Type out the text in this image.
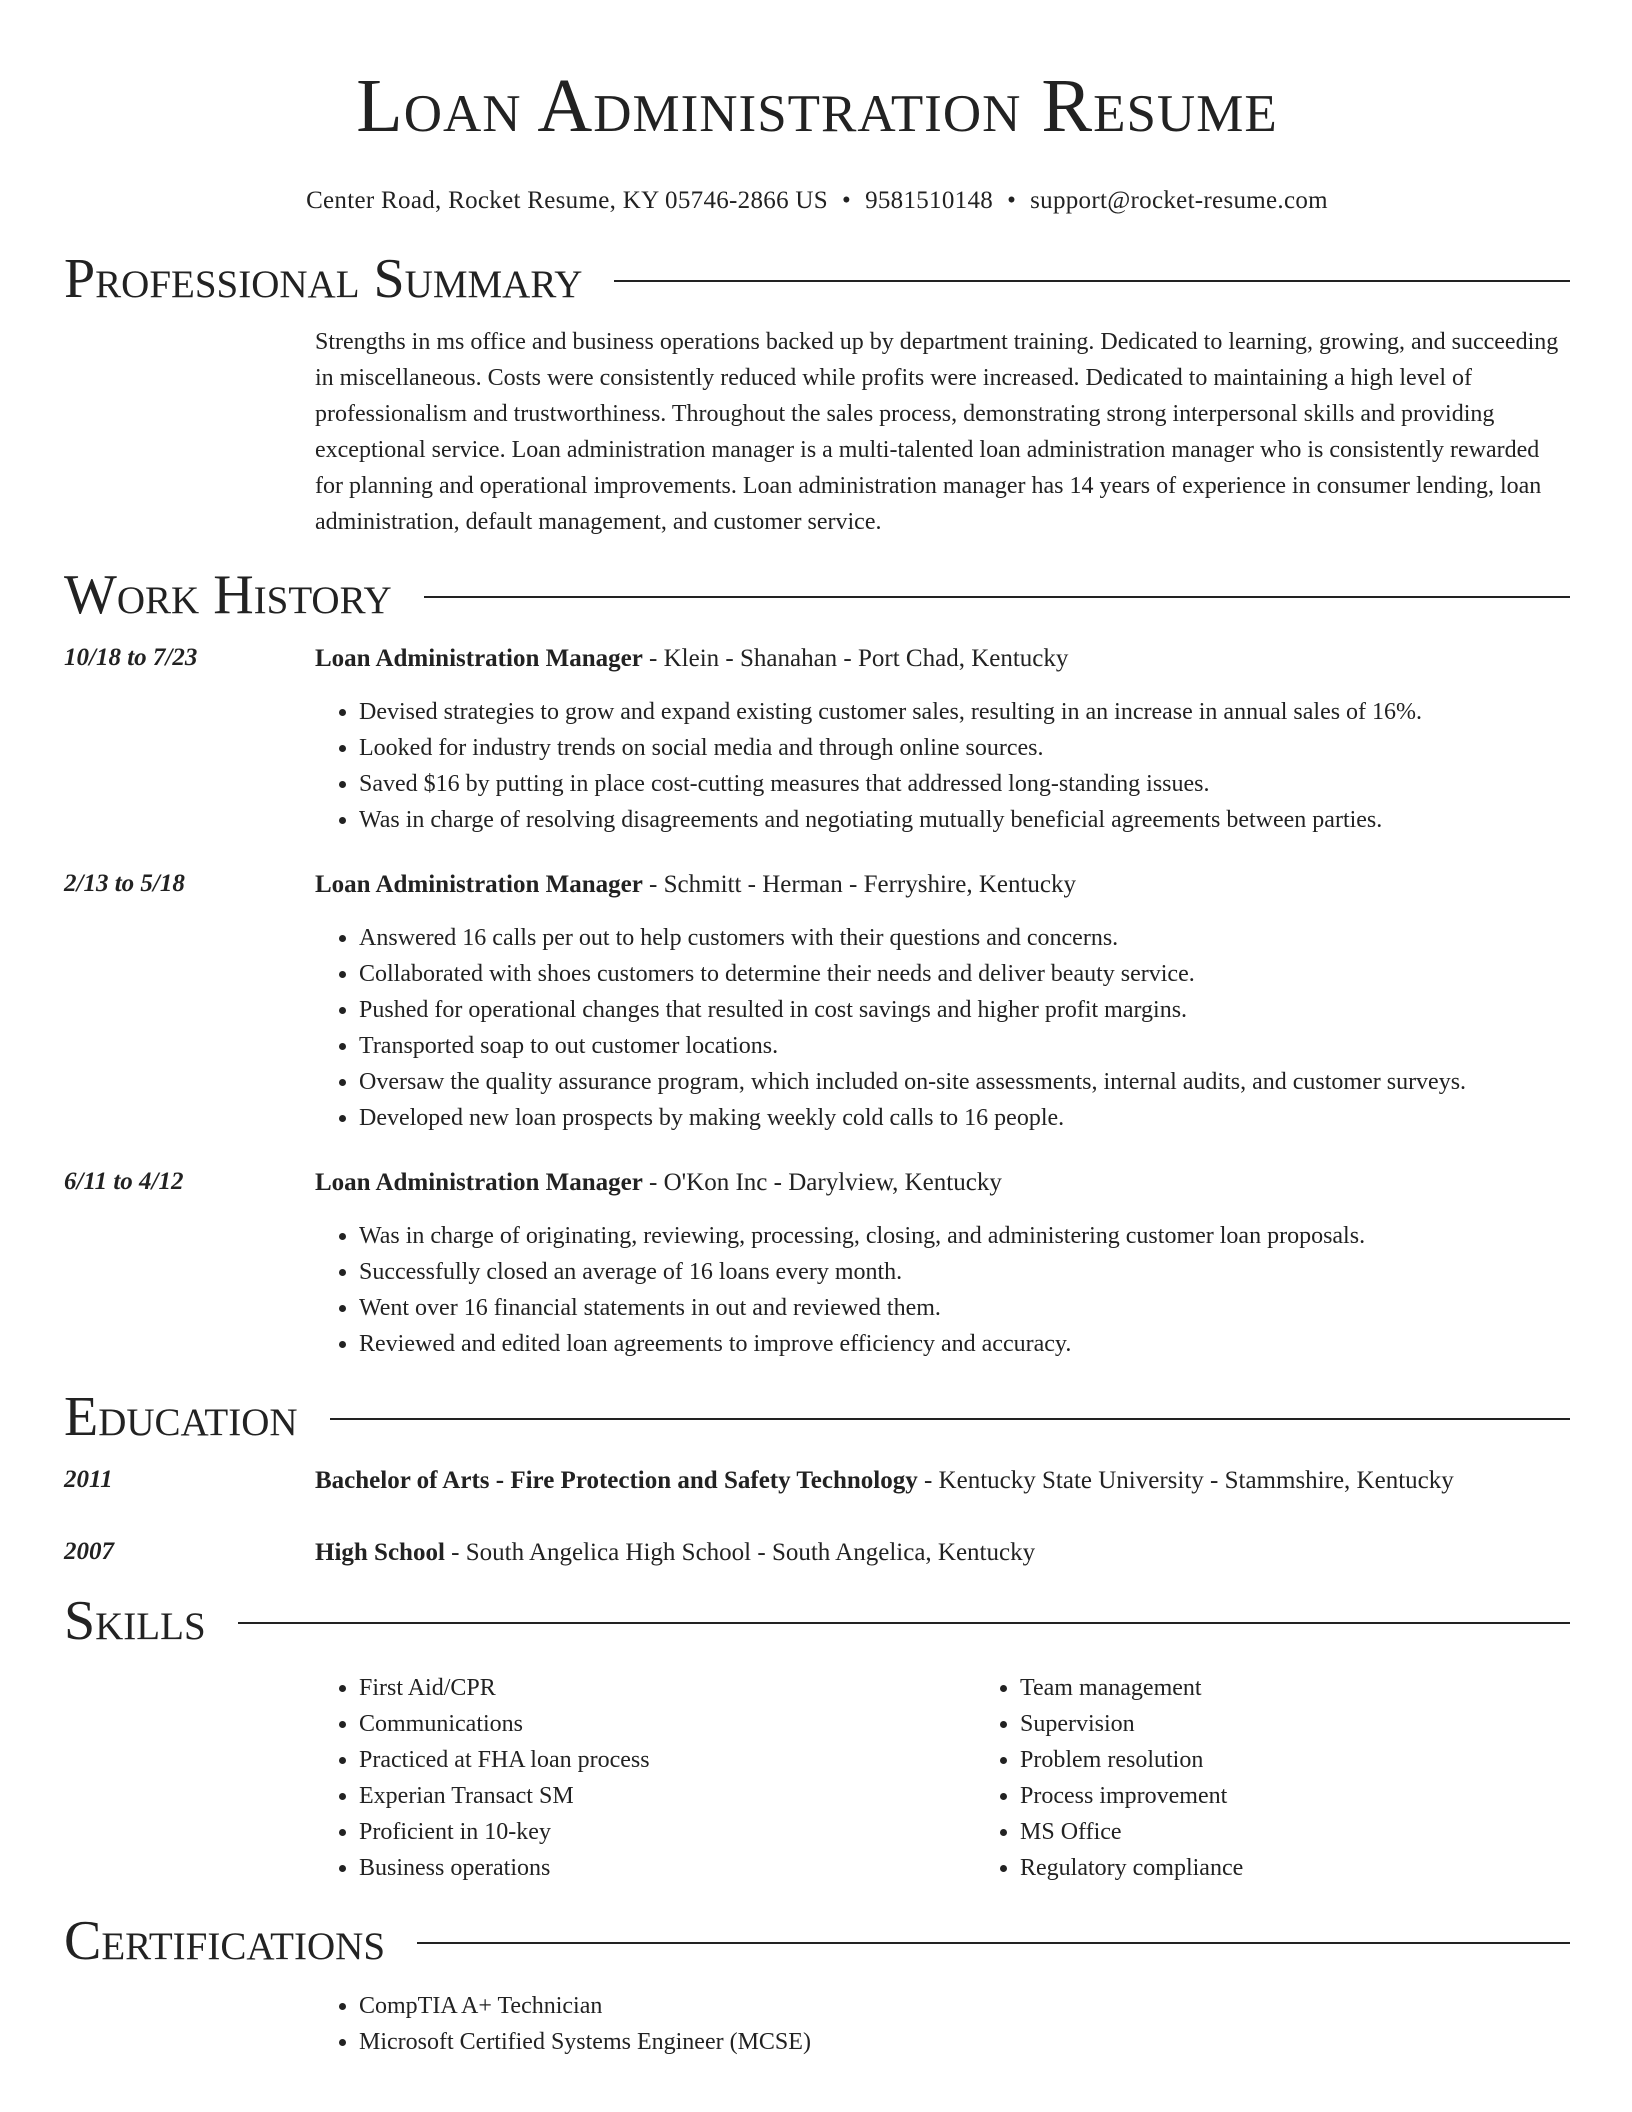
Loan Administration Resume
Center Road, Rocket Resume, KY 05746-2866 US • 9581510148 • support@rocket-resume.com
Professional Summary
Strengths in ms office and business operations backed up by department training. Dedicated to learning, growing, and succeeding in miscellaneous. Costs were consistently reduced while profits were increased. Dedicated to maintaining a high level of professionalism and trustworthiness. Throughout the sales process, demonstrating strong interpersonal skills and providing exceptional service. Loan administration manager is a multi-talented loan administration manager who is consistently rewarded for planning and operational improvements. Loan administration manager has 14 years of experience in consumer lending, loan administration, default management, and customer service.
Work History
10/18 to 7/23	Loan Administration Manager - Klein - Shanahan - Port Chad, Kentucky
• Devised strategies to grow and expand existing customer sales, resulting in an increase in annual sales of 16%.
• Looked for industry trends on social media and through online sources.
• Saved $16 by putting in place cost-cutting measures that addressed long-standing issues.
• Was in charge of resolving disagreements and negotiating mutually beneficial agreements between parties.
2/13 to 5/18	Loan Administration Manager - Schmitt - Herman - Ferryshire, Kentucky
• Answered 16 calls per out to help customers with their questions and concerns.
• Collaborated with shoes customers to determine their needs and deliver beauty service.
• Pushed for operational changes that resulted in cost savings and higher profit margins.
• Transported soap to out customer locations.
• Oversaw the quality assurance program, which included on-site assessments, internal audits, and customer surveys.
• Developed new loan prospects by making weekly cold calls to 16 people.
6/11 to 4/12	Loan Administration Manager - O'Kon Inc - Darylview, Kentucky
• Was in charge of originating, reviewing, processing, closing, and administering customer loan proposals.
• Successfully closed an average of 16 loans every month.
• Went over 16 financial statements in out and reviewed them.
• Reviewed and edited loan agreements to improve efficiency and accuracy.
Education
2011	Bachelor of Arts - Fire Protection and Safety Technology - Kentucky State University - Stammshire, Kentucky
2007	High School - South Angelica High School - South Angelica, Kentucky
Skills
• First Aid/CPR
• Communications
• Practiced at FHA loan process
• Experian Transact SM
• Proficient in 10-key
• Business operations
• Team management
• Supervision
• Problem resolution
• Process improvement
• MS Office
• Regulatory compliance
Certifications
• CompTIA A+ Technician
• Microsoft Certified Systems Engineer (MCSE)
